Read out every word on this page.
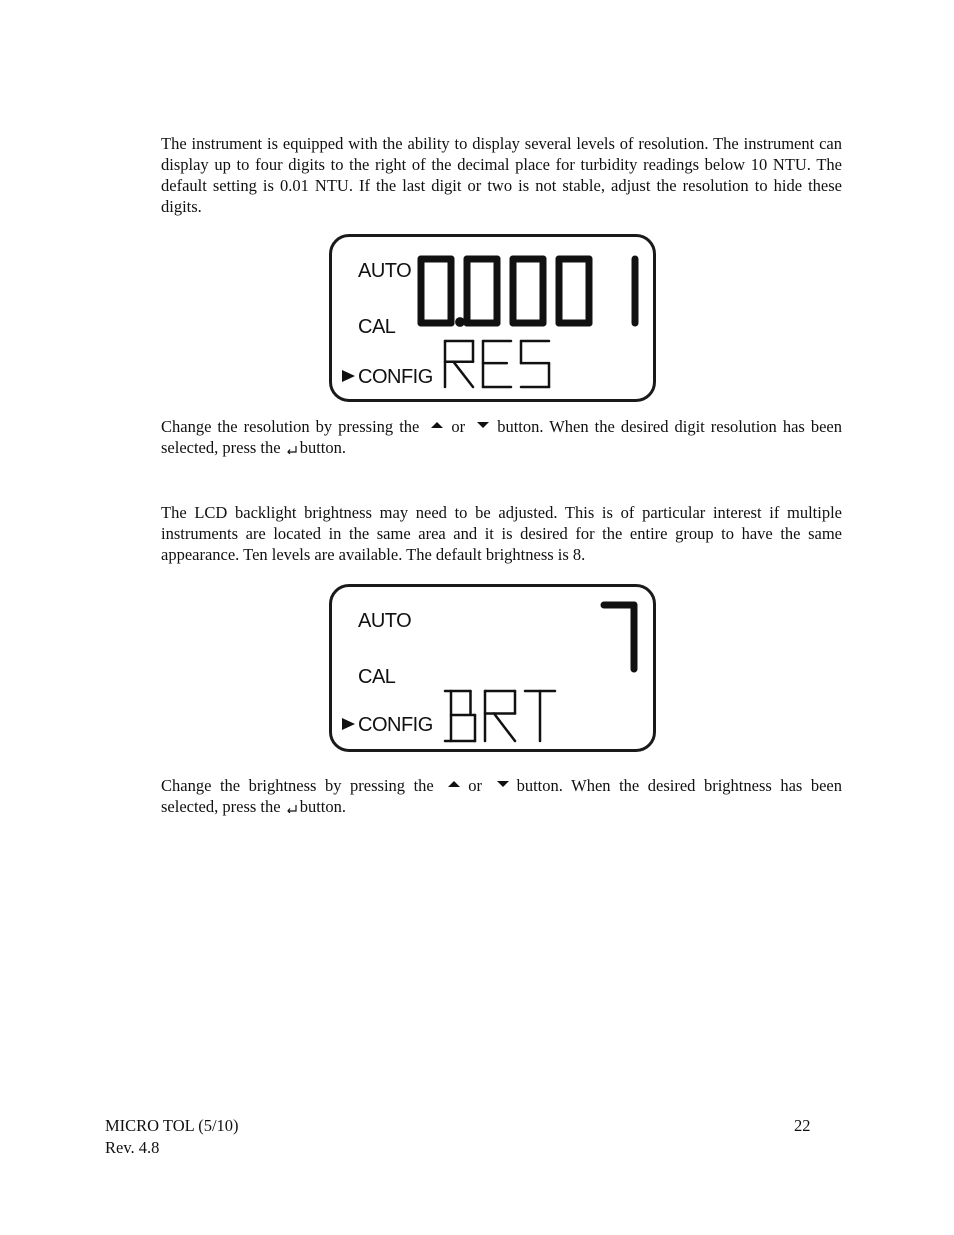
The instrument is equipped with the ability to display several levels of resolution. The instrument can display up to four digits to the right of the decimal place for turbidity readings below 10 NTU. The default setting is 0.01 NTU. If the last digit or two is not stable, adjust the resolution to hide these digits.
AUTO
CAL
CONFIG
Change the resolution by pressing the or button. When the desired digit resolution has been selected, press the button.
The LCD backlight brightness may need to be adjusted. This is of particular interest if multiple instruments are located in the same area and it is desired for the entire group to have the same appearance. Ten levels are available. The default brightness is 8.
AUTO
CAL
CONFIG
Change the brightness by pressing the or button. When the desired brightness has been selected, press the button.
MICRO TOL (5/10)
Rev. 4.8
22
